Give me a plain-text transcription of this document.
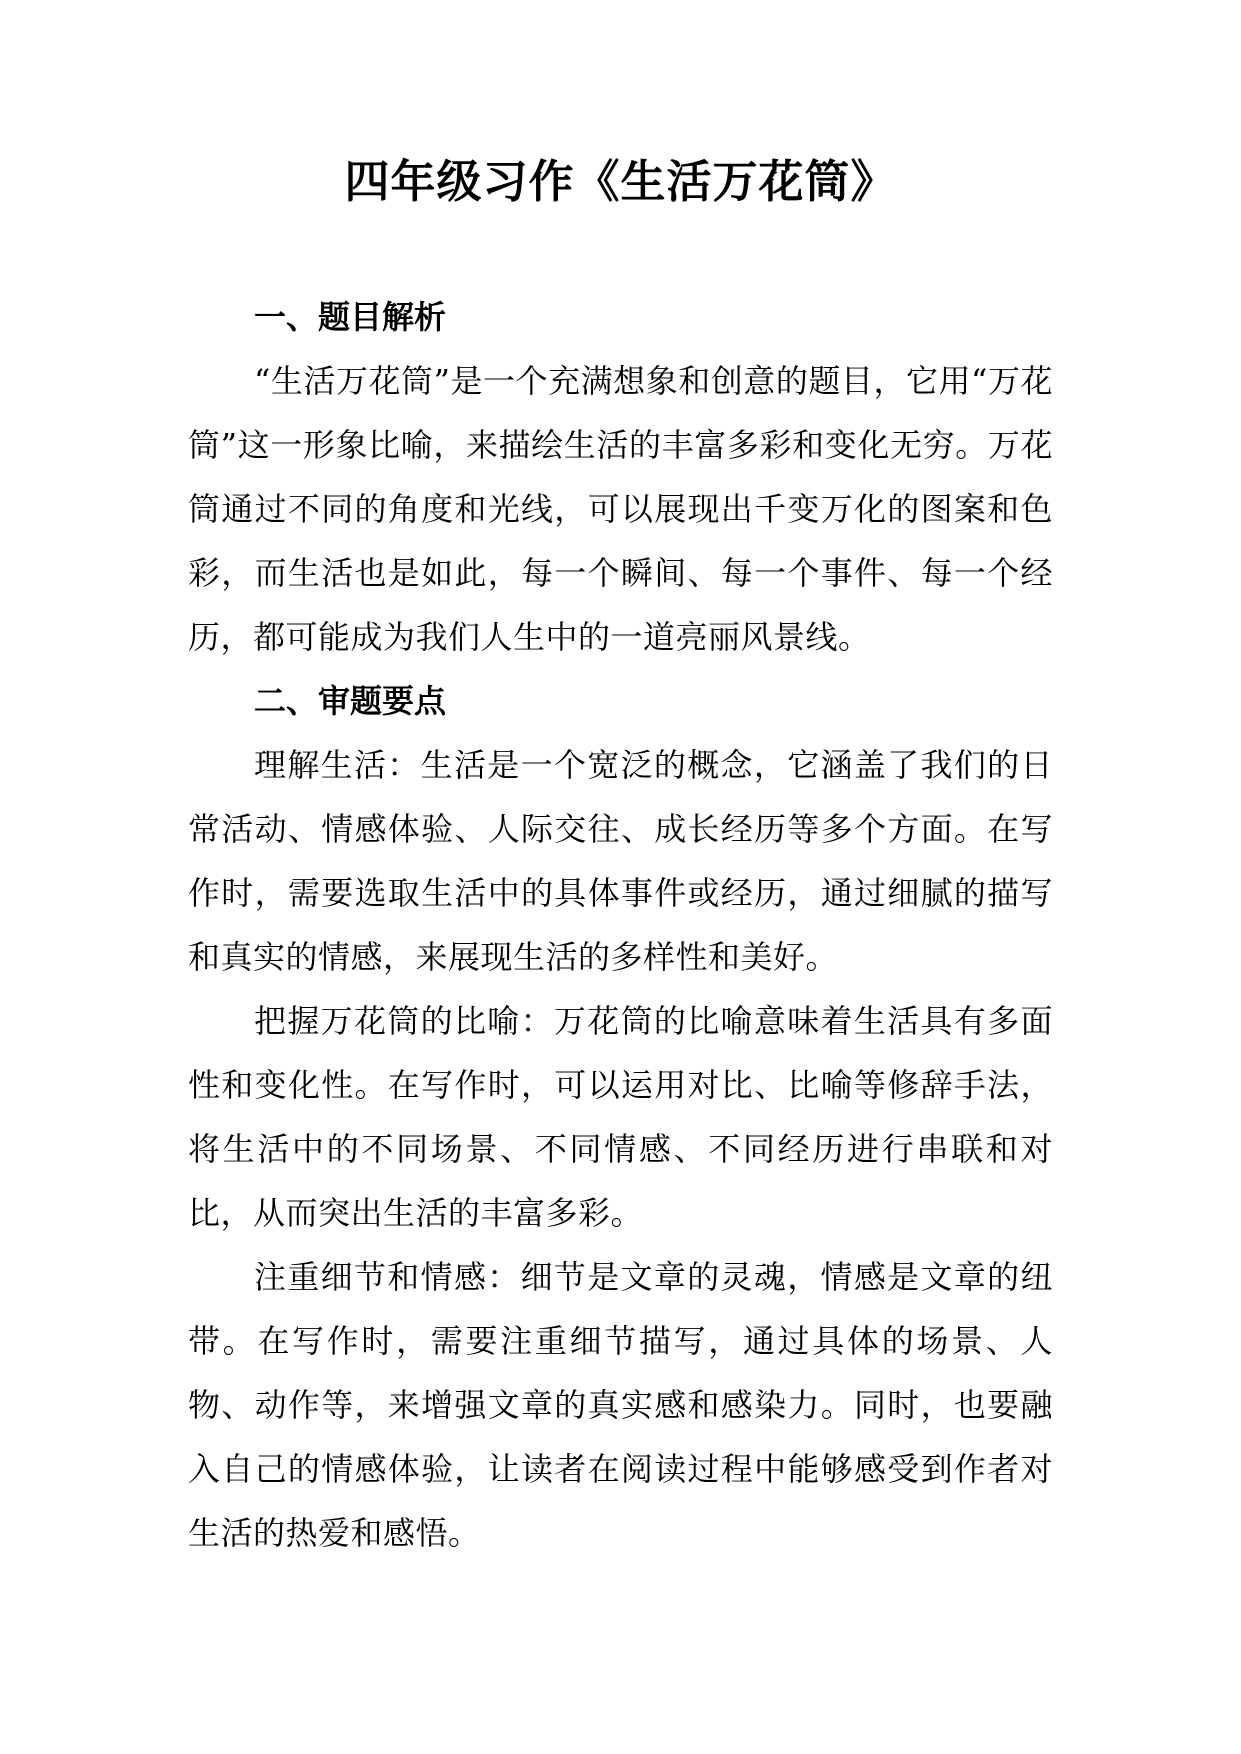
四年级习作《生活万花筒》
一、题目解析

“生活万花筒”是一个充满想象和创意的题目，它用“万花筒”这一形象比喻，来描绘生活的丰富多彩和变化无穷。万花筒通过不同的角度和光线，可以展现出千变万化的图案和色彩，而生活也是如此，每一个瞬间、每一个事件、每一个经历，都可能成为我们人生中的一道亮丽风景线。

二、审题要点

理解生活：生活是一个宽泛的概念，它涵盖了我们的日常活动、情感体验、人际交往、成长经历等多个方面。在写作时，需要选取生活中的具体事件或经历，通过细腻的描写和真实的情感，来展现生活的多样性和美好。

把握万花筒的比喻：万花筒的比喻意味着生活具有多面性和变化性。在写作时，可以运用对比、比喻等修辞手法，将生活中的不同场景、不同情感、不同经历进行串联和对比，从而突出生活的丰富多彩。

注重细节和情感：细节是文章的灵魂，情感是文章的纽带。在写作时，需要注重细节描写，通过具体的场景、人物、动作等，来增强文章的真实感和感染力。同时，也要融入自己的情感体验，让读者在阅读过程中能够感受到作者对生活的热爱和感悟。
